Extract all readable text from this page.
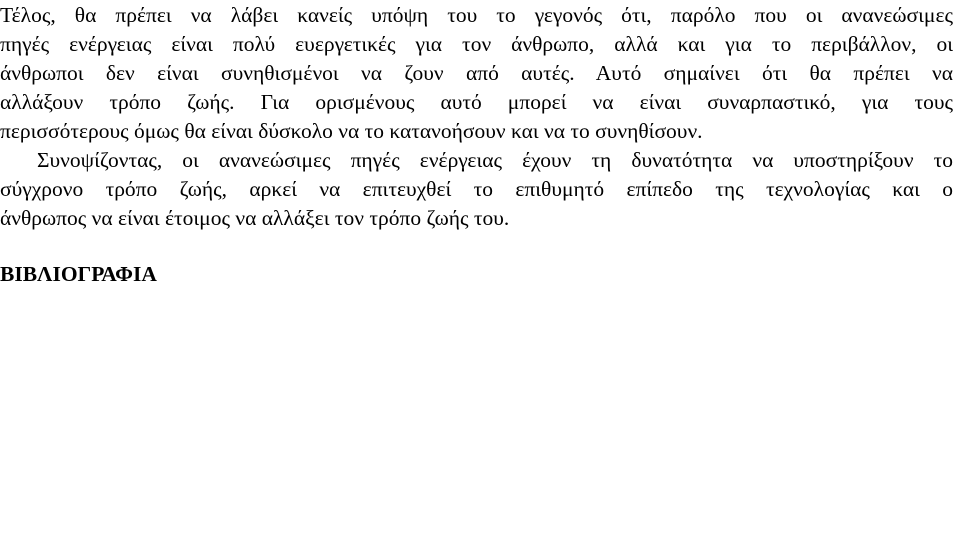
Τέλος, θα πρέπει να λάβει κανείς υπόψη του το γεγονός ότι, παρόλο που οι ανανεώσιμες
πηγές ενέργειας είναι πολύ ευεργετικές για τον άνθρωπο, αλλά και για το περιβάλλον, οι
άνθρωποι δεν είναι συνηθισμένοι να ζουν από αυτές. Αυτό σημαίνει ότι θα πρέπει να
αλλάξουν τρόπο ζωής. Για ορισμένους αυτό μπορεί να είναι συναρπαστικό, για τους
περισσότερους όμως θα είναι δύσκολο να το κατανοήσουν και να το συνηθίσουν.
Συνοψίζοντας, οι ανανεώσιμες πηγές ενέργειας έχουν τη δυνατότητα να υποστηρίξουν το
σύγχρονο τρόπο ζωής, αρκεί να επιτευχθεί το επιθυμητό επίπεδο της τεχνολογίας και ο
άνθρωπος να είναι έτοιμος να αλλάξει τον τρόπο ζωής του.
ΒΙΒΛΙΟΓΡΑΦΙΑ
